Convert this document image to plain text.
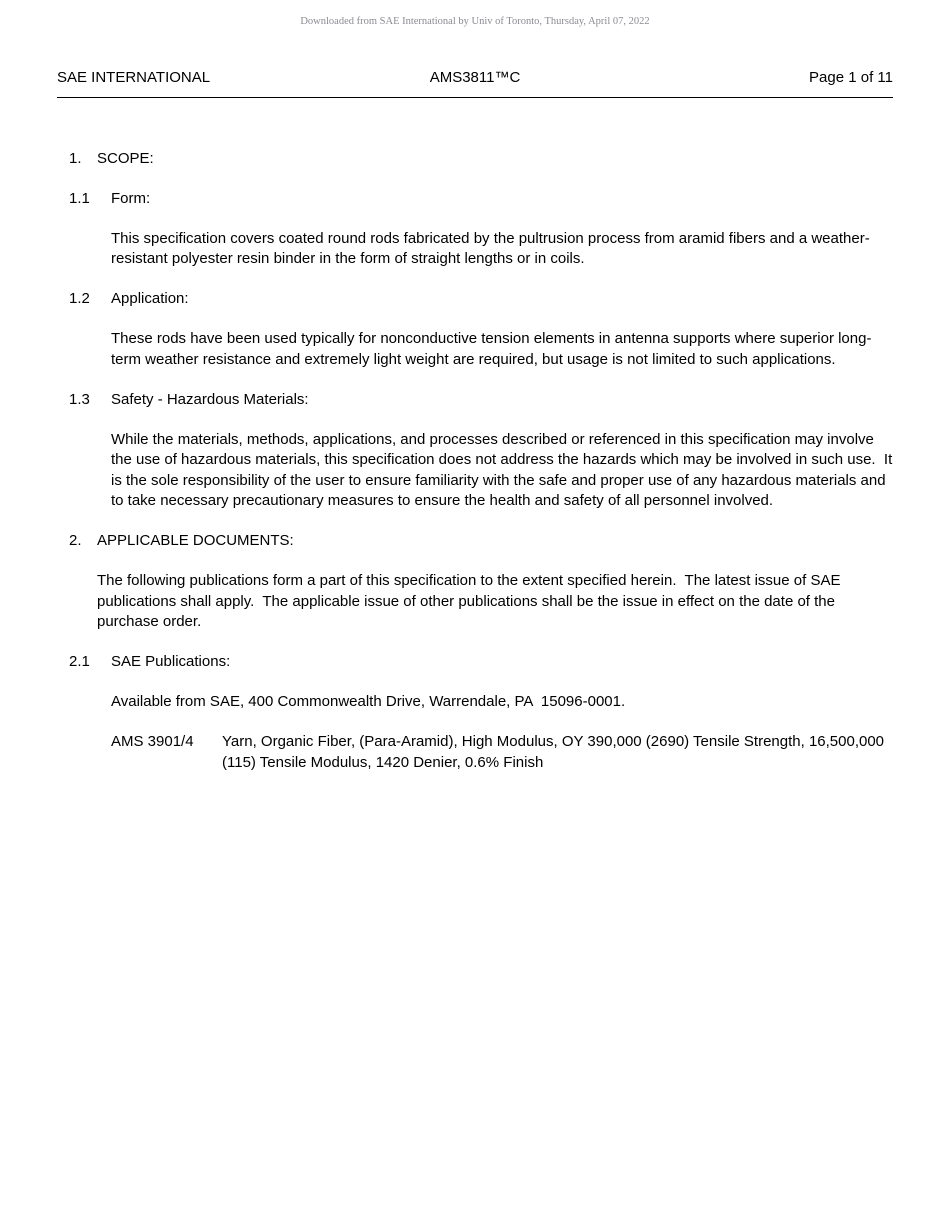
Downloaded from SAE International by Univ of Toronto, Thursday, April 07, 2022
SAE INTERNATIONAL	AMS3811™C	Page 1 of 11
1.	SCOPE:
1.1	Form:
This specification covers coated round rods fabricated by the pultrusion process from aramid fibers and a weather-resistant polyester resin binder in the form of straight lengths or in coils.
1.2	Application:
These rods have been used typically for nonconductive tension elements in antenna supports where superior long-term weather resistance and extremely light weight are required, but usage is not limited to such applications.
1.3	Safety - Hazardous Materials:
While the materials, methods, applications, and processes described or referenced in this specification may involve the use of hazardous materials, this specification does not address the hazards which may be involved in such use.  It is the sole responsibility of the user to ensure familiarity with the safe and proper use of any hazardous materials and to take necessary precautionary measures to ensure the health and safety of all personnel involved.
2.	APPLICABLE DOCUMENTS:
The following publications form a part of this specification to the extent specified herein.  The latest issue of SAE publications shall apply.  The applicable issue of other publications shall be the issue in effect on the date of the purchase order.
2.1	SAE Publications:
Available from SAE, 400 Commonwealth Drive, Warrendale, PA  15096-0001.
AMS 3901/4	Yarn, Organic Fiber, (Para-Aramid), High Modulus, OY 390,000 (2690) Tensile Strength, 16,500,000 (115) Tensile Modulus, 1420 Denier, 0.6% Finish
